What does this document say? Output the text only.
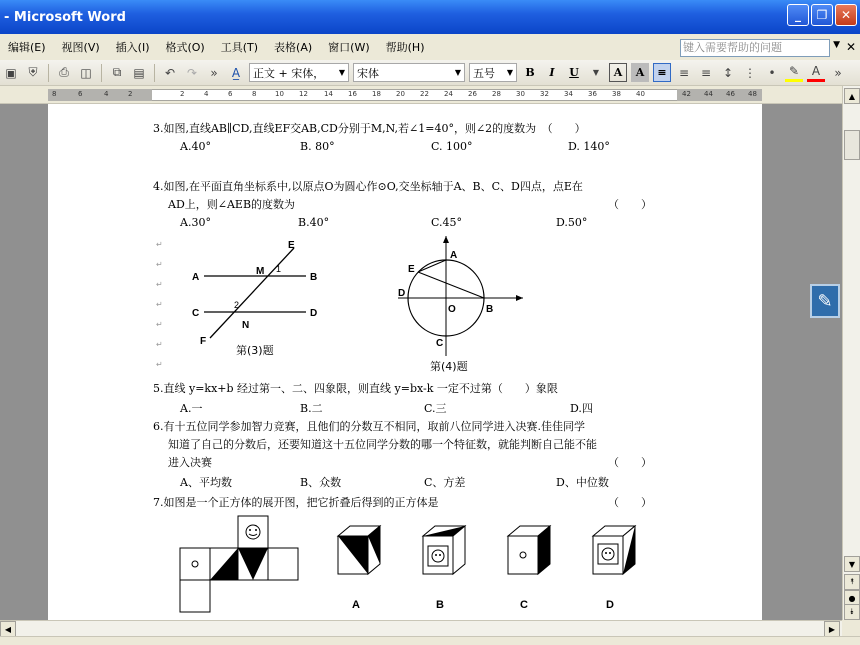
- Microsoft Word	_	❐	✕
编辑(E)	视图(V)	插入(I)	格式(O)	工具(T)	表格(A)	窗口(W)	帮助(H)	键入需要帮助的问题	▼ ✕
▣ ⛨	⎙ ◫	⧉	▤	↶ ↷	»	A̲	正文 + 宋体， ▼ 宋体	▼ 五号 ▼	B	I	U	▼	A	A	≡	≡ ≡ ↕ ⋮	•	✎	A	»
8	6	4	2	2	4	6	8	10 12 14 16 18 20 22 24 26 28 30 32 34 36 38 40	42 44 46 48
3.如图,直线AB∥CD,直线EF交AB,CD分别于M,N,若∠1=40°，则∠2的度数为　（　　）
A.40°	B. 80°	C. 100°	D. 140°
4.如图,在平面直角坐标系中,以原点O为圆心作⊙O,交坐标轴于A、B、C、D四点，点E在
AD上，则∠AEB的度数为	（　　）
A.30°	B.40°	C.45°	D.50°
E
A
M 1
B
C
2
D
N
F
第(3)题
E
A
D
O	B
C
第(4)题
5.直线 y=kx+b 经过第一、二、四象限，则直线 y=bx-k 一定不过第（　　）象限
A.一	B.二	C.三	D.四
6.有十五位同学参加智力竞赛，且他们的分数互不相同，取前八位同学进入决赛.佳佳同学
知道了自己的分数后，还要知道这十五位同学分数的哪一个特征数，就能判断自己能不能
进入决赛	（　　）
A、平均数	B、众数	C、方差	D、中位数
7.如图是一个正方体的展开图，把它折叠后得到的正方体是	（　　）
A	B	C	D
↵
↵
↵
↵
↵
↵
↵
✎
▲
▼
⯭
●
⯯
◀	▶
